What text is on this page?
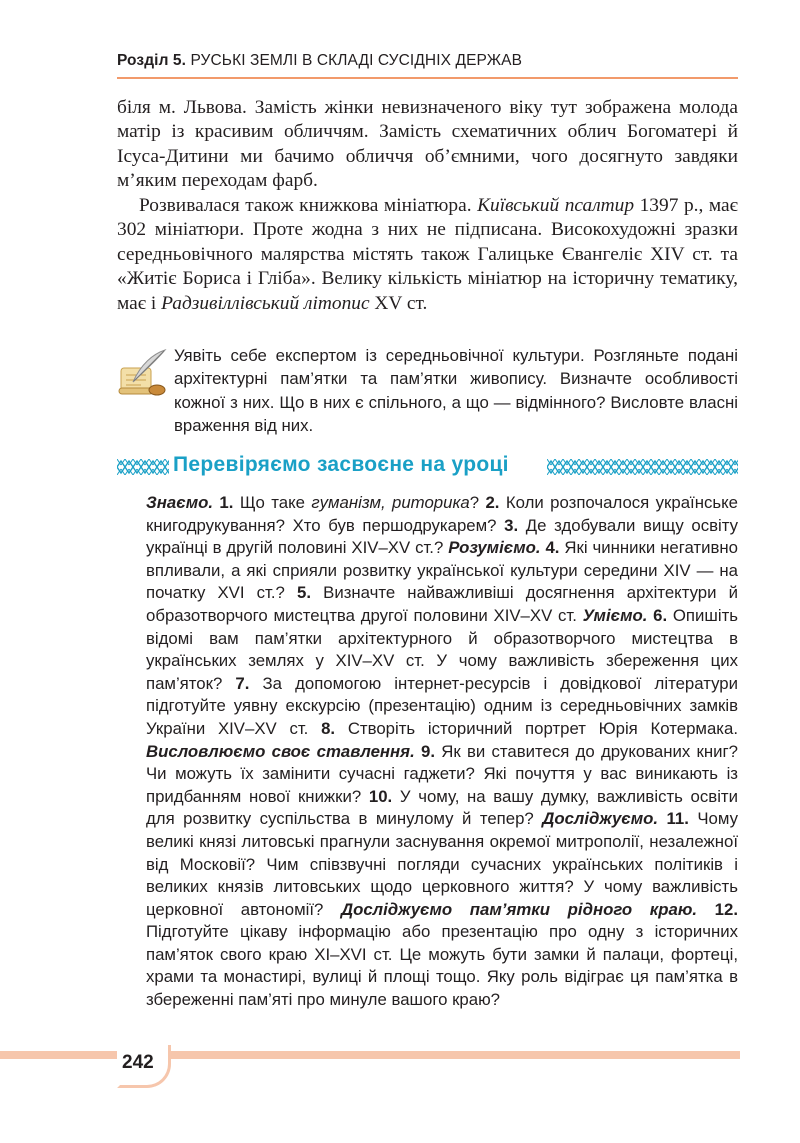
Розділ 5. РУСЬКІ ЗЕМЛІ В СКЛАДІ СУСІДНІХ ДЕРЖАВ

біля м. Львова. Замість жінки невизначеного віку тут зображена молода матір із красивим обличчям. Замість схематичних облич Богоматері й Ісуса-Дитини ми бачимо обличчя об’ємними, чого досягнуто завдяки м’яким переходам фарб.

Розвивалася також книжкова мініатюра. Київський псалтир 1397 р., має 302 мініатюри. Проте жодна з них не підписана. Високохудожні зразки середньовічного малярства містять також Галицьке Євангеліє XIV ст. та «Житіє Бориса і Гліба». Велику кількість мініатюр на історичну тематику, має і Радзивіллівський літопис XV ст.

Уявіть себе експертом із середньовічної культури. Розгляньте подані архітектурні пам’ятки та пам’ятки живопису. Визначте особливості кожної з них. Що в них є спільного, а що — відмінного? Висловте власні враження від них.
Перевіряємо засвоєне на уроці
Знаємо. 1. Що таке гуманізм, риторика? 2. Коли розпочалося українське книгодрукування? Хто був першодрукарем? 3. Де здобували вищу освіту українці в другій половині XIV–XV ст.? Розуміємо. 4. Які чинники негативно впливали, а які сприяли розвитку української культури середини XIV — на початку XVI ст.? 5. Визначте найважливіші досягнення архітектури й образотворчого мистецтва другої половини XIV–XV ст. Уміємо. 6. Опишіть відомі вам пам’ятки архітектурного й образотворчого мистецтва в українських землях у XIV–XV ст. У чому важливість збереження цих пам’яток? 7. За допомогою інтернет-ресурсів і довідкової літератури підготуйте уявну екскурсію (презентацію) одним із середньовічних замків України XIV–XV ст. 8. Створіть історичний портрет Юрія Котермака. Висловлюємо своє ставлення. 9. Як ви ставитеся до друкованих книг? Чи можуть їх замінити сучасні гаджети? Які почуття у вас виникають із придбанням нової книжки? 10. У чому, на вашу думку, важливість освіти для розвитку суспільства в минулому й тепер? Досліджуємо. 11. Чому великі князі литовські прагнули заснування окремої митрополії, незалежної від Московії? Чим співзвучні погляди сучасних українських політиків і великих князів литовських щодо церковного життя? У чому важливість церковної автономії? Досліджуємо пам’ятки рідного краю. 12. Підготуйте цікаву інформацію або презентацію про одну з історичних пам’яток свого краю XI–XVI ст. Це можуть бути замки й палаци, фортеці, храми та монастирі, вулиці й площі тощо. Яку роль відіграє ця пам’ятка в збереженні пам’яті про минуле вашого краю?
242
